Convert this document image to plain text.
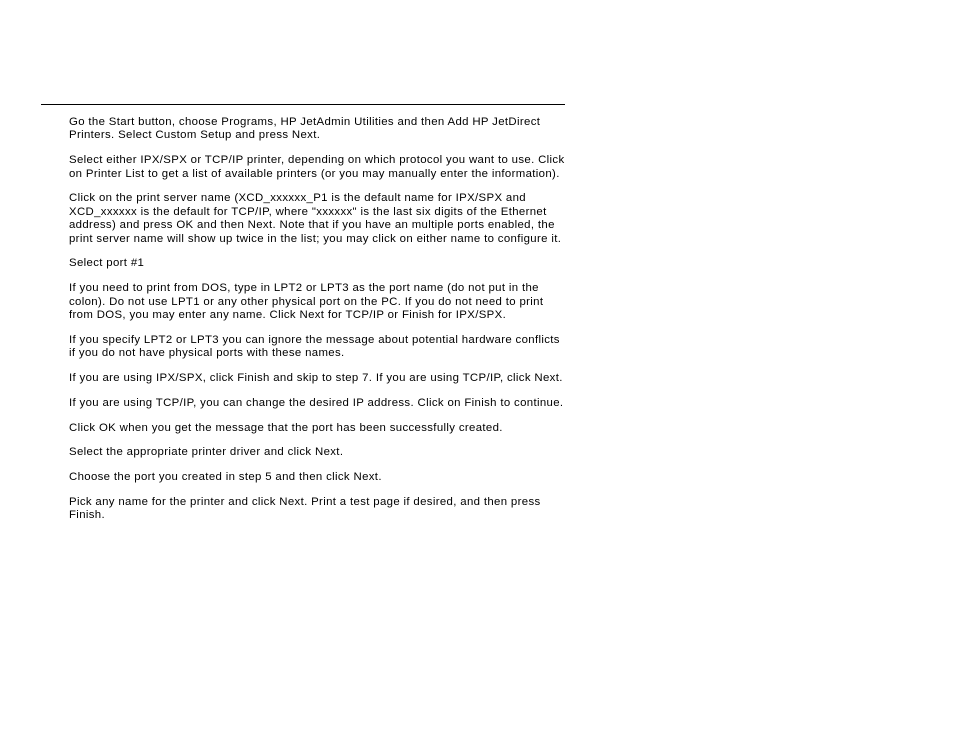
Go the Start button, choose Programs, HP JetAdmin Utilities and then Add HP JetDirect Printers. Select Custom Setup and press Next.
Select either IPX/SPX or TCP/IP printer, depending on which protocol you want to use. Click on Printer List to get a list of available printers (or you may manually enter the information).
Click on the print server name (XCD_xxxxxx_P1 is the default name for IPX/SPX and XCD_xxxxxx is the default for TCP/IP, where "xxxxxx" is the last six digits of the Ethernet address) and press OK and then Next. Note that if you have an multiple ports enabled, the print server name will show up twice in the list; you may click on either name to configure it.
Select port #1
If you need to print from DOS, type in LPT2 or LPT3 as the port name (do not put in the colon). Do not use LPT1 or any other physical port on the PC. If you do not need to print from DOS, you may enter any name. Click Next for TCP/IP or Finish for IPX/SPX.
If you specify LPT2 or LPT3 you can ignore the message about potential hardware conflicts if you do not have physical ports with these names.
If you are using IPX/SPX, click Finish and skip to step 7. If you are using TCP/IP, click Next.
If you are using TCP/IP, you can change the desired IP address. Click on Finish to continue.
Click OK when you get the message that the port has been successfully created.
Select the appropriate printer driver and click Next.
Choose the port you created in step 5 and then click Next.
Pick any name for the printer and click Next. Print a test page if desired, and then press Finish.
